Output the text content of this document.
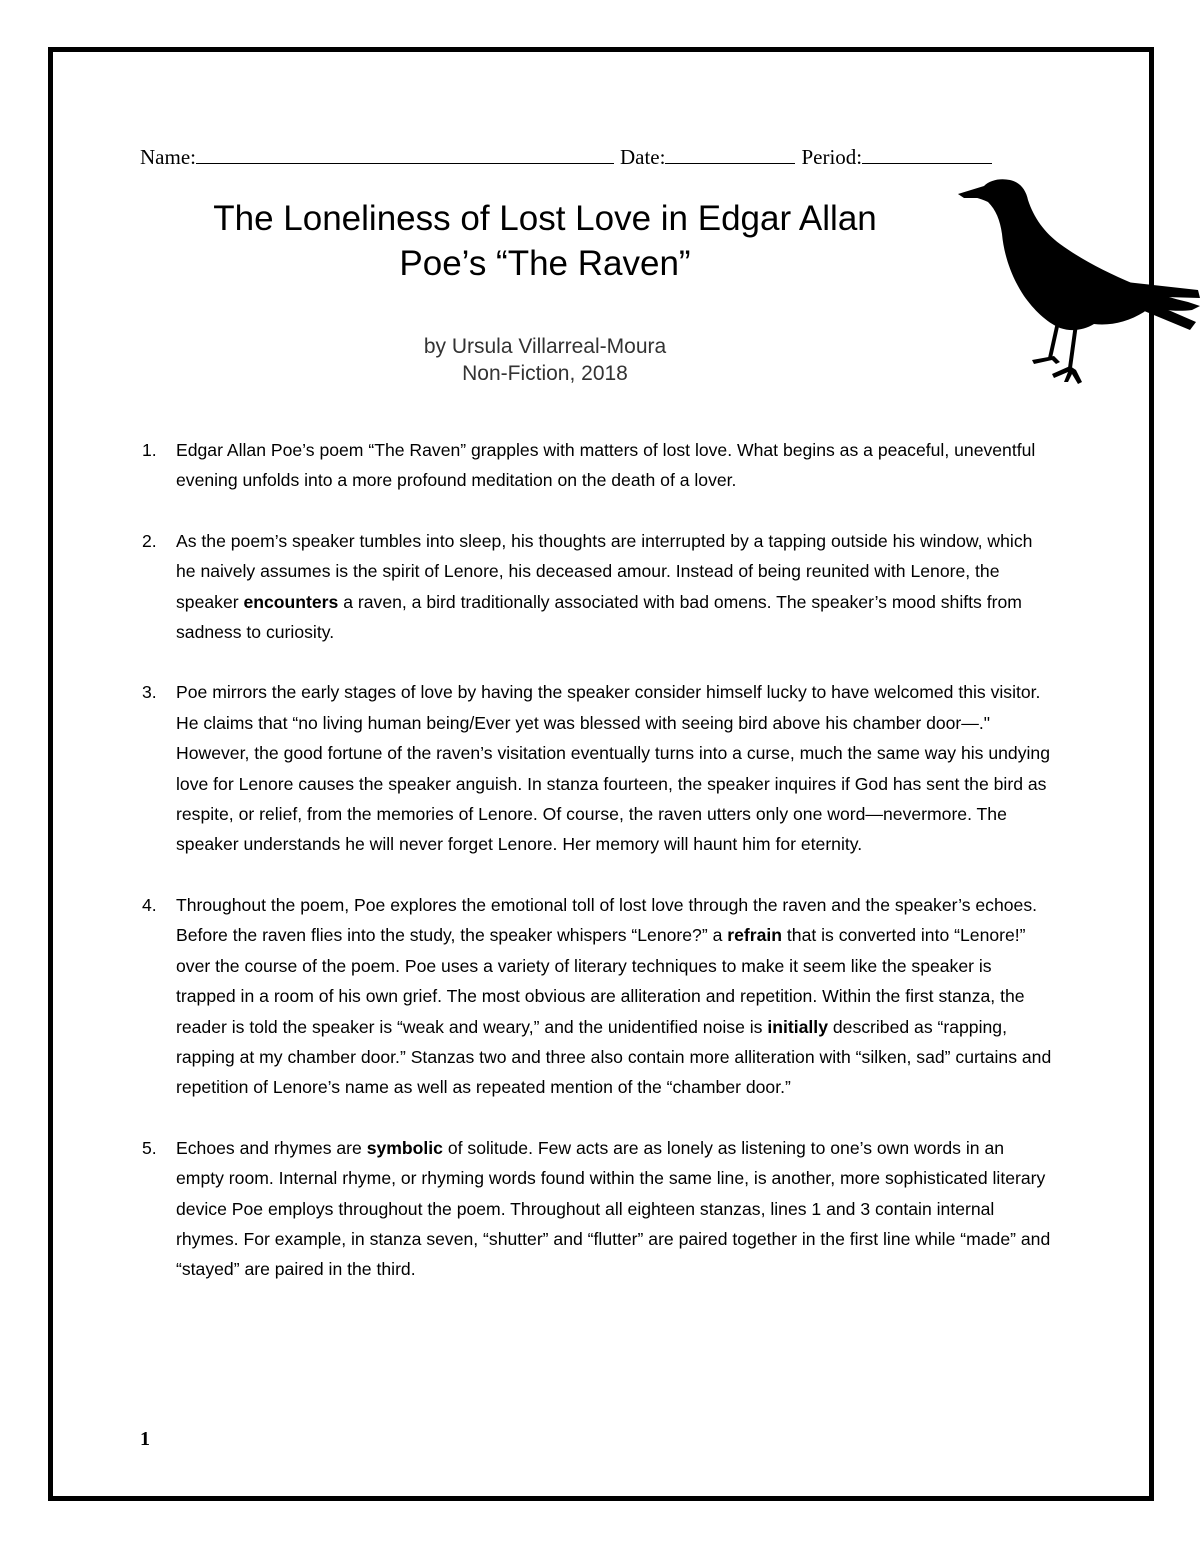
Name:	Date:	Period:
The Loneliness of Lost Love in Edgar Allan
Poe’s “The Raven”
by Ursula Villarreal-Moura
Non-Fiction, 2018
1. Edgar Allan Poe’s poem “The Raven” grapples with matters of lost love. What begins as a peaceful, uneventful evening unfolds into a more profound meditation on the death of a lover.
2. As the poem’s speaker tumbles into sleep, his thoughts are interrupted by a tapping outside his window, which he naively assumes is the spirit of Lenore, his deceased amour. Instead of being reunited with Lenore, the speaker encounters a raven, a bird traditionally associated with bad omens. The speaker’s mood shifts from sadness to curiosity.
3. Poe mirrors the early stages of love by having the speaker consider himself lucky to have welcomed this visitor. He claims that “no living human being/Ever yet was blessed with seeing bird above his chamber door—." However, the good fortune of the raven’s visitation eventually turns into a curse, much the same way his undying love for Lenore causes the speaker anguish. In stanza fourteen, the speaker inquires if God has sent the bird as respite, or relief, from the memories of Lenore. Of course, the raven utters only one word—nevermore. The speaker understands he will never forget Lenore. Her memory will haunt him for eternity.
4. Throughout the poem, Poe explores the emotional toll of lost love through the raven and the speaker’s echoes. Before the raven flies into the study, the speaker whispers “Lenore?” a refrain that is converted into “Lenore!” over the course of the poem. Poe uses a variety of literary techniques to make it seem like the speaker is trapped in a room of his own grief. The most obvious are alliteration and repetition. Within the first stanza, the reader is told the speaker is “weak and weary,” and the unidentified noise is initially described as “rapping, rapping at my chamber door.” Stanzas two and three also contain more alliteration with “silken, sad” curtains and repetition of Lenore’s name as well as repeated mention of the “chamber door.”
5. Echoes and rhymes are symbolic of solitude. Few acts are as lonely as listening to one’s own words in an empty room. Internal rhyme, or rhyming words found within the same line, is another, more sophisticated literary device Poe employs throughout the poem. Throughout all eighteen stanzas, lines 1 and 3 contain internal rhymes. For example, in stanza seven, “shutter” and “flutter” are paired together in the first line while “made” and “stayed” are paired in the third.
1
